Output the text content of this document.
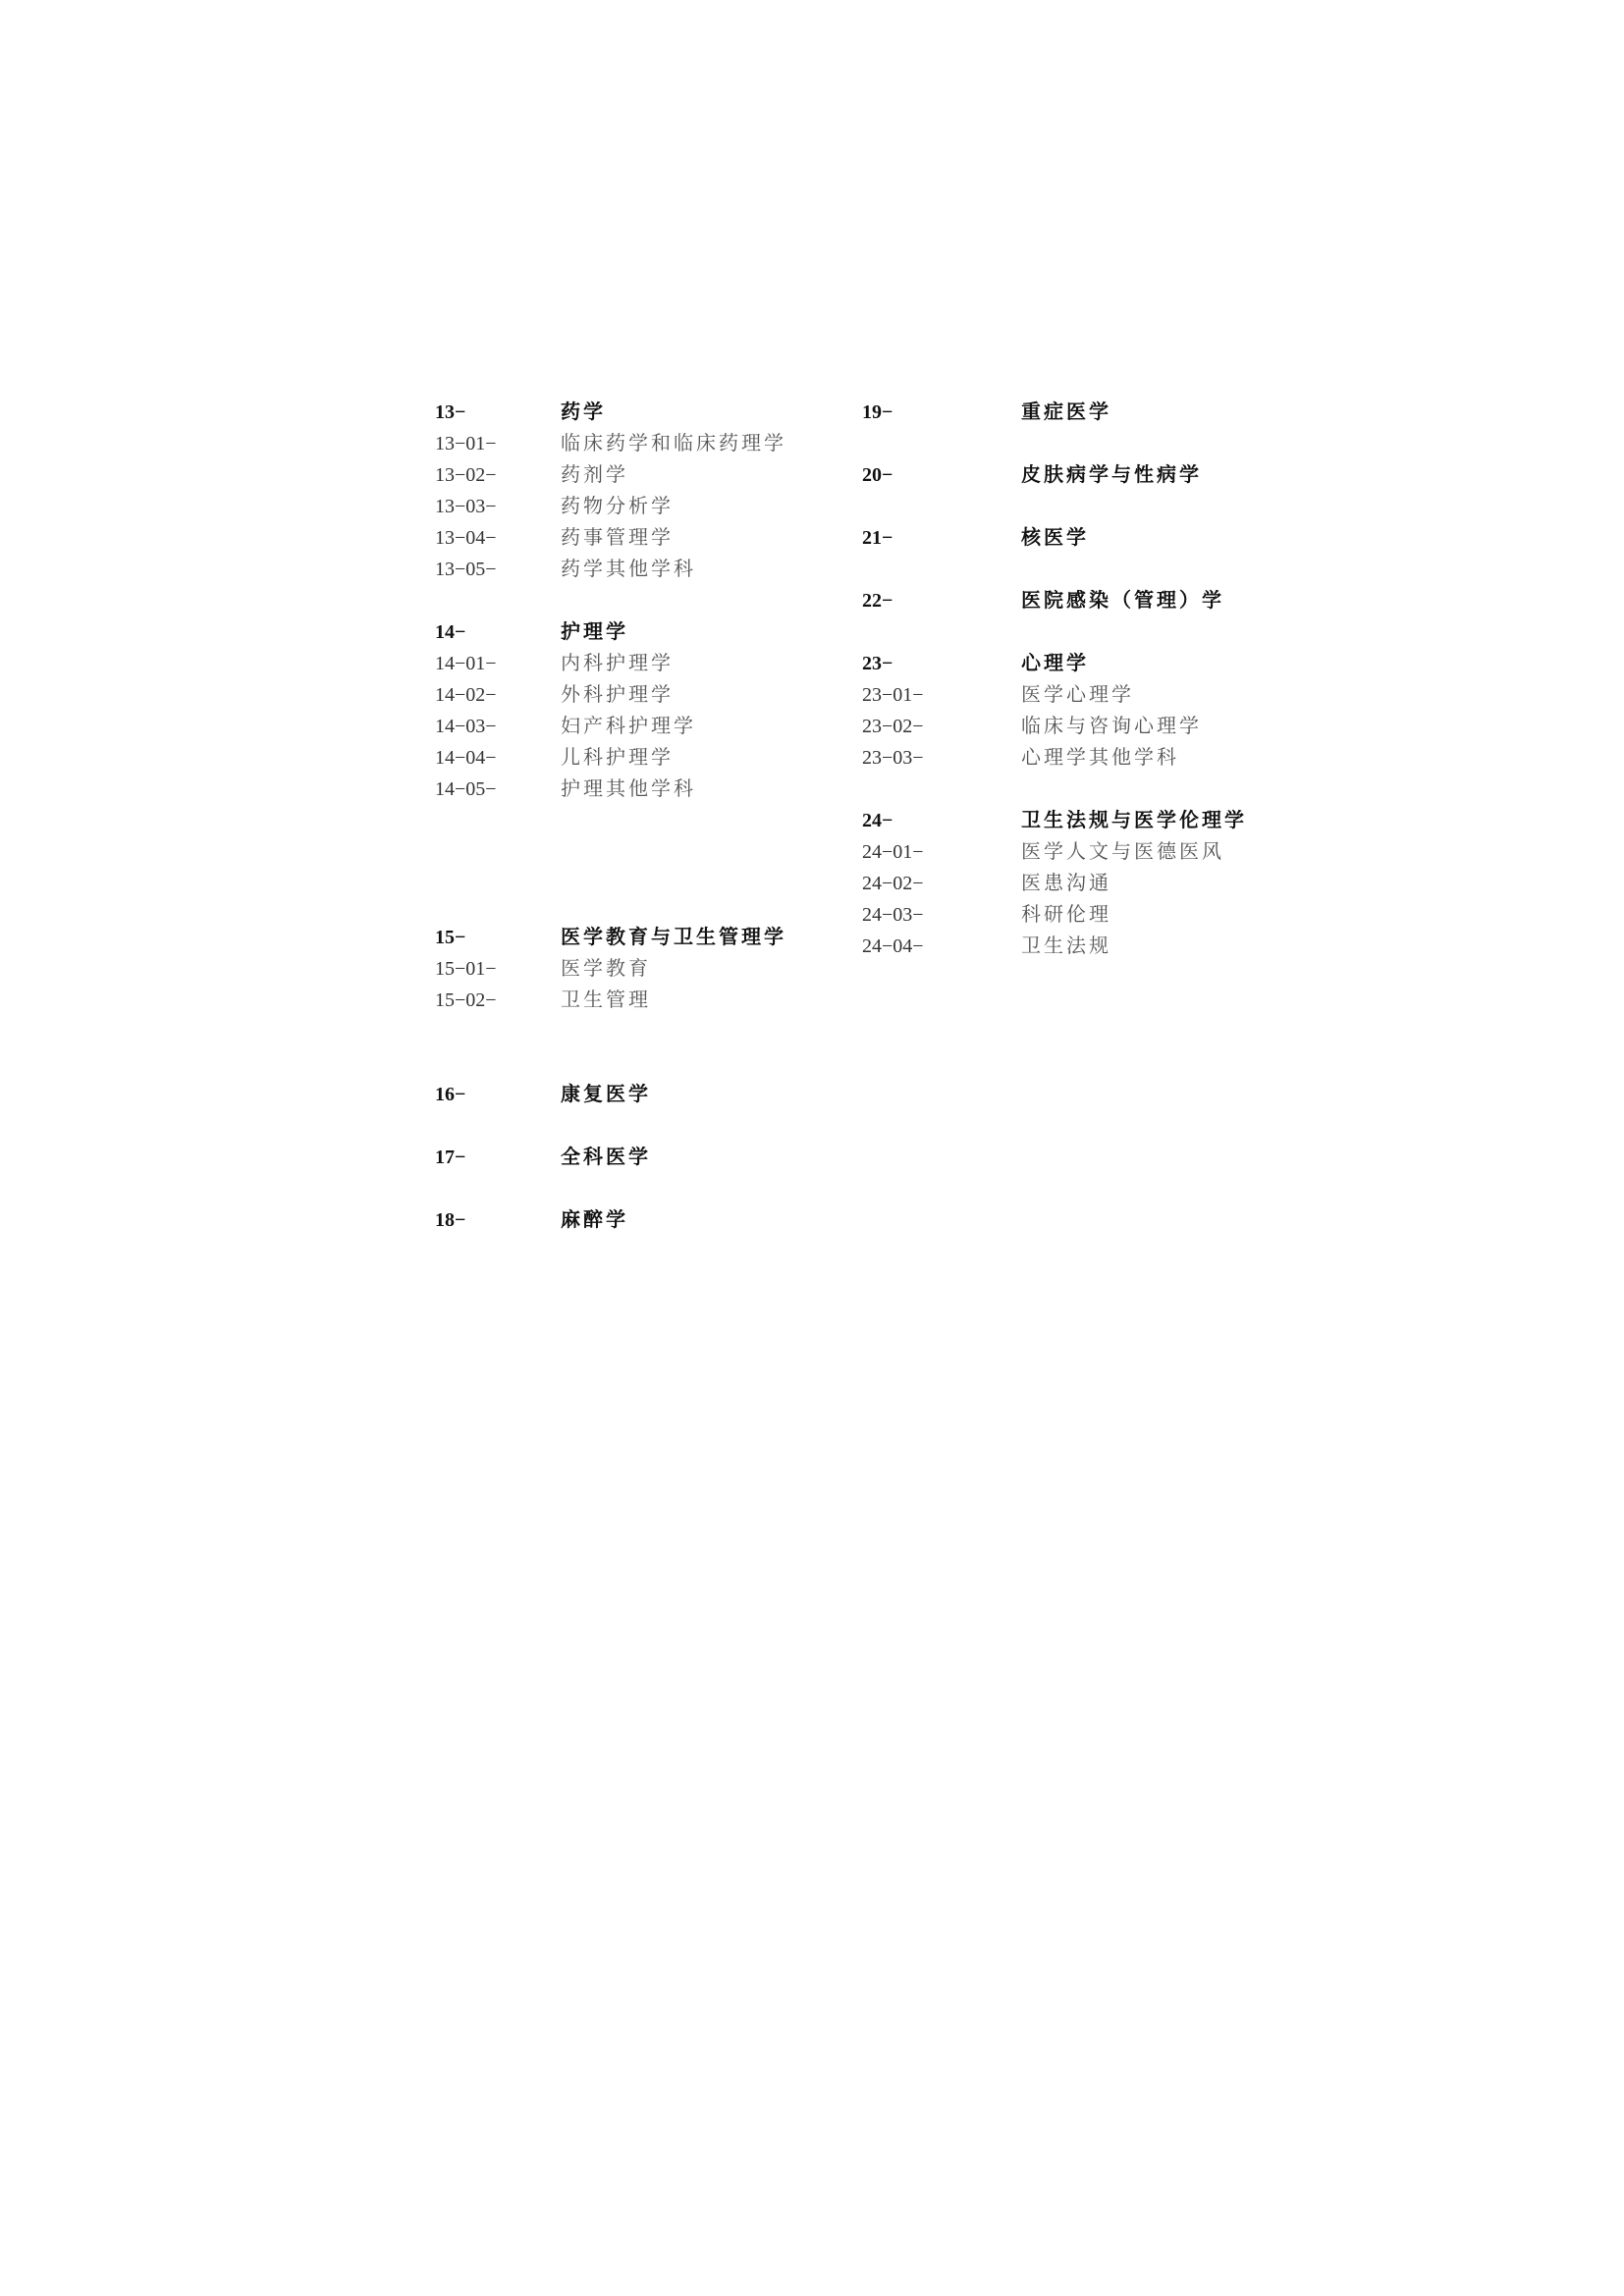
13−	药学
13−01−	临床药学和临床药理学
13−02−	药剂学
13−03−	药物分析学
13−04−	药事管理学
13−05−	药学其他学科
14−	护理学
14−01−	内科护理学
14−02−	外科护理学
14−03−	妇产科护理学
14−04−	儿科护理学
14−05−	护理其他学科
15−	医学教育与卫生管理学
15−01−	医学教育
15−02−	卫生管理
16−	康复医学
17−	全科医学
18−	麻醉学
19−	重症医学
20−	皮肤病学与性病学
21−	核医学
22−	医院感染（管理）学
23−	心理学
23−01−	医学心理学
23−02−	临床与咨询心理学
23−03−	心理学其他学科
24−	卫生法规与医学伦理学
24−01−	医学人文与医德医风
24−02−	医患沟通
24−03−	科研伦理
24−04−	卫生法规
